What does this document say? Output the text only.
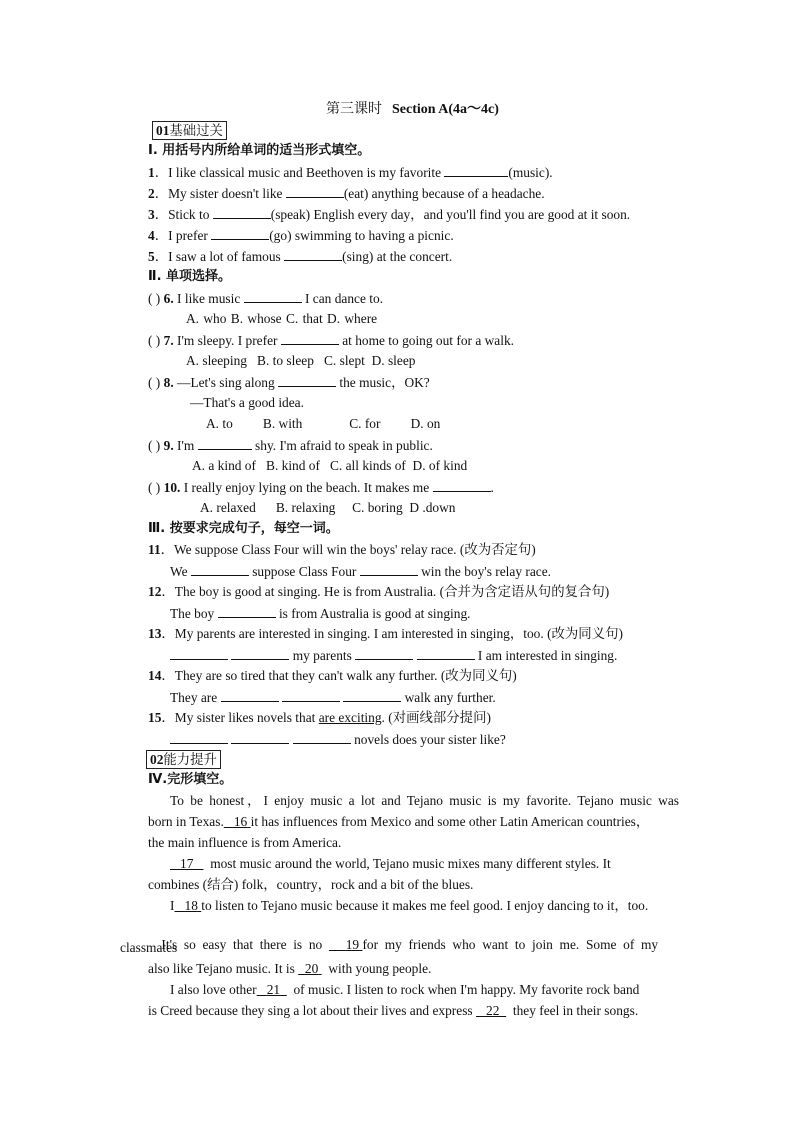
第三课时 Section A(4a～4c)
01基础过关
Ⅰ. 用括号内所给单词的适当形式填空。
1．I like classical music and Beethoven is my favorite	(music).
2．My sister doesn't like	(eat) anything because of a headache.
3．Stick to	(speak) English every day，and you'll find you are good at it soon.
4．I prefer	(go) swimming to having a picnic.
5．I saw a lot of famous	(sing) at the concert.
Ⅱ. 单项选择。
( ) 6. I like music	I can dance to.
A. who B. whose C. that D. where
( ) 7. I'm sleepy. I prefer	at home to going out for a walk.
A. sleeping   B. to sleep   C. slept  D. sleep
( ) 8. —Let's sing along	the music，OK?
—That's a good idea.
A. to         B. with              C. for         D. on
( ) 9. I'm	shy. I'm afraid to speak in public.
A. a kind of   B. kind of   C. all kinds of  D. of kind
( ) 10. I really enjoy lying on the beach. It makes me	.
A. relaxed      B. relaxing     C. boring  D .down
Ⅲ. 按要求完成句子，每空一词。
11．We suppose Class Four will win the boys' relay race. (改为否定句)
We	suppose Class Four	win the boy's relay race.
12．The boy is good at singing. He is from Australia. (合并为含定语从句的复合句)
The boy	is from Australia is good at singing.
13．My parents are interested in singing. I am interested in singing，too. (改为同义句)
my parents	I am interested in singing.
14．They are so tired that they can't walk any further. (改为同义句)
They are	walk any further.
15．My sister likes novels that are exciting. (对画线部分提问)
novels does your sister like?
02能力提升
Ⅳ.完形填空。
To be honest，I enjoy music a lot and Tejano music is my favorite. Tejano music was
born in Texas. 16 it has influences from Mexico and some other Latin American countries，
the main influence is from America.
17 most music around the world, Tejano music mixes many different styles. It
combines (结合) folk，country，rock and a bit of the blues.
I 18 to listen to Tejano music because it makes me feel good. I enjoy dancing to it，too.

It's  so  easy  that  there  is  no 19 for  my  friends  who  want  to  join  me.  Some  of  my

classmates
also like Tejano music. It is 20 with young people.
I also love other 21 of music. I listen to rock when I'm happy. My favorite rock band
is Creed because they sing a lot about their lives and express 22 they feel in their songs.
